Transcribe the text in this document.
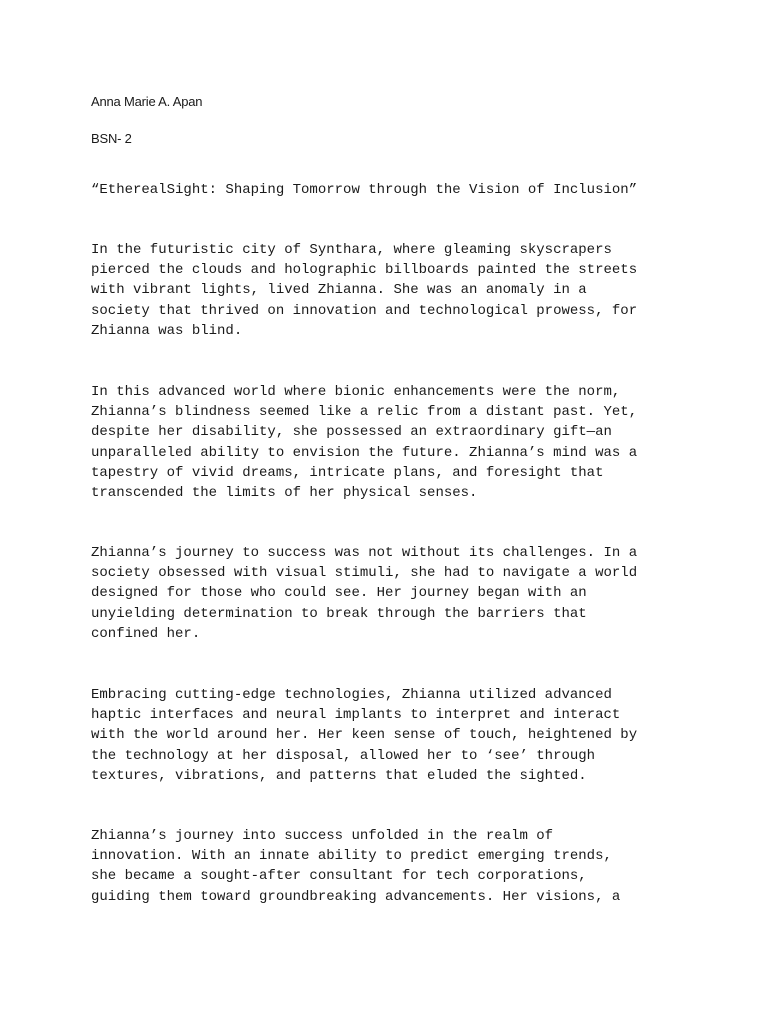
Anna Marie A. Apan
BSN- 2
“EtherealSight: Shaping Tomorrow through the Vision of Inclusion”
In the futuristic city of Synthara, where gleaming skyscrapers
pierced the clouds and holographic billboards painted the streets
with vibrant lights, lived Zhianna. She was an anomaly in a
society that thrived on innovation and technological prowess, for
Zhianna was blind.
In this advanced world where bionic enhancements were the norm,
Zhianna’s blindness seemed like a relic from a distant past. Yet,
despite her disability, she possessed an extraordinary gift—an
unparalleled ability to envision the future. Zhianna’s mind was a
tapestry of vivid dreams, intricate plans, and foresight that
transcended the limits of her physical senses.
Zhianna’s journey to success was not without its challenges. In a
society obsessed with visual stimuli, she had to navigate a world
designed for those who could see. Her journey began with an
unyielding determination to break through the barriers that
confined her.
Embracing cutting-edge technologies, Zhianna utilized advanced
haptic interfaces and neural implants to interpret and interact
with the world around her. Her keen sense of touch, heightened by
the technology at her disposal, allowed her to ‘see’ through
textures, vibrations, and patterns that eluded the sighted.
Zhianna’s journey into success unfolded in the realm of
innovation. With an innate ability to predict emerging trends,
she became a sought-after consultant for tech corporations,
guiding them toward groundbreaking advancements. Her visions, a
